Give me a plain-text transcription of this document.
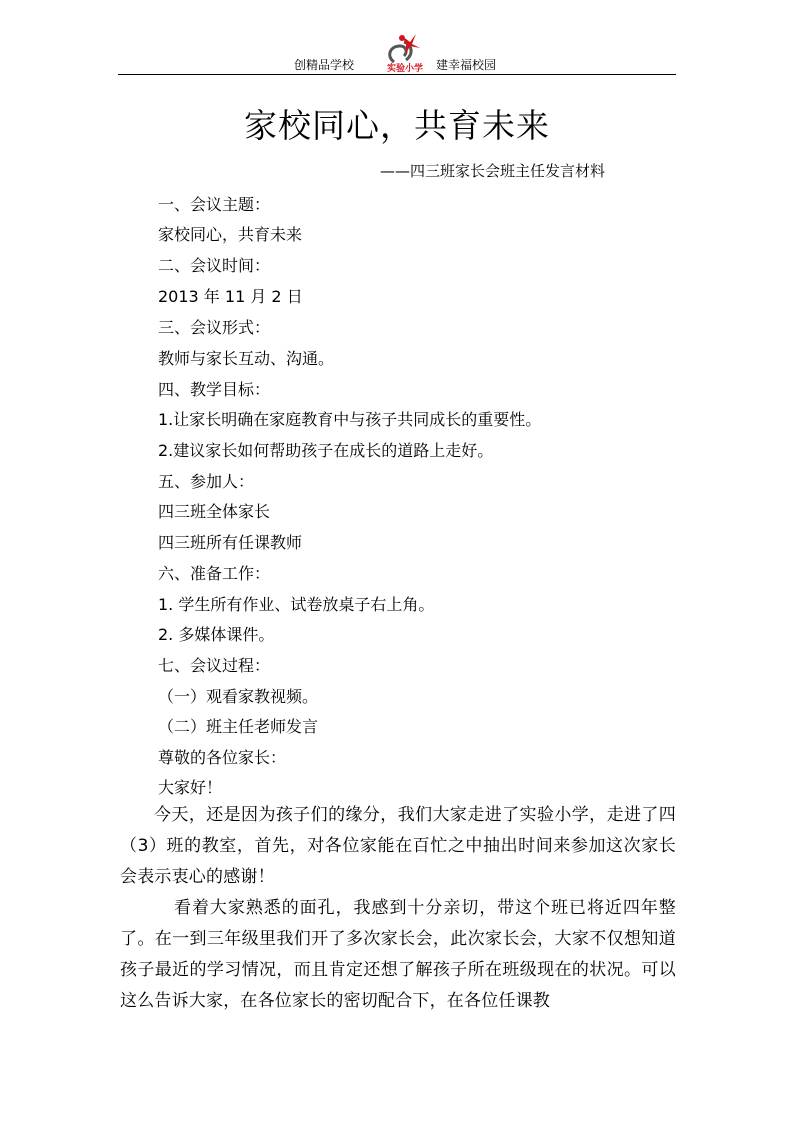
创精品学校	实验小学	建幸福校园
家校同心，共育未来
——四三班家长会班主任发言材料
一、会议主题：
家校同心，共育未来
二、会议时间：
2013 年 11 月 2 日
三、会议形式：
教师与家长互动、沟通。
四、教学目标：
1.让家长明确在家庭教育中与孩子共同成长的重要性。
2.建议家长如何帮助孩子在成长的道路上走好。
五、参加人：
四三班全体家长
四三班所有任课教师
六、准备工作：
1. 学生所有作业、试卷放桌子右上角。
2. 多媒体课件。
七、会议过程：
（一）观看家教视频。
（二）班主任老师发言
尊敬的各位家长：
大家好！
今天，还是因为孩子们的缘分，我们大家走进了实验小学，走进了四（3）班的教室，首先，对各位家能在百忙之中抽出时间来参加这次家长会表示衷心的感谢！
看着大家熟悉的面孔，我感到十分亲切，带这个班已将近四年整了。在一到三年级里我们开了多次家长会，此次家长会，大家不仅想知道孩子最近的学习情况，而且肯定还想了解孩子所在班级现在的状况。可以这么告诉大家，在各位家长的密切配合下，在各位任课教
